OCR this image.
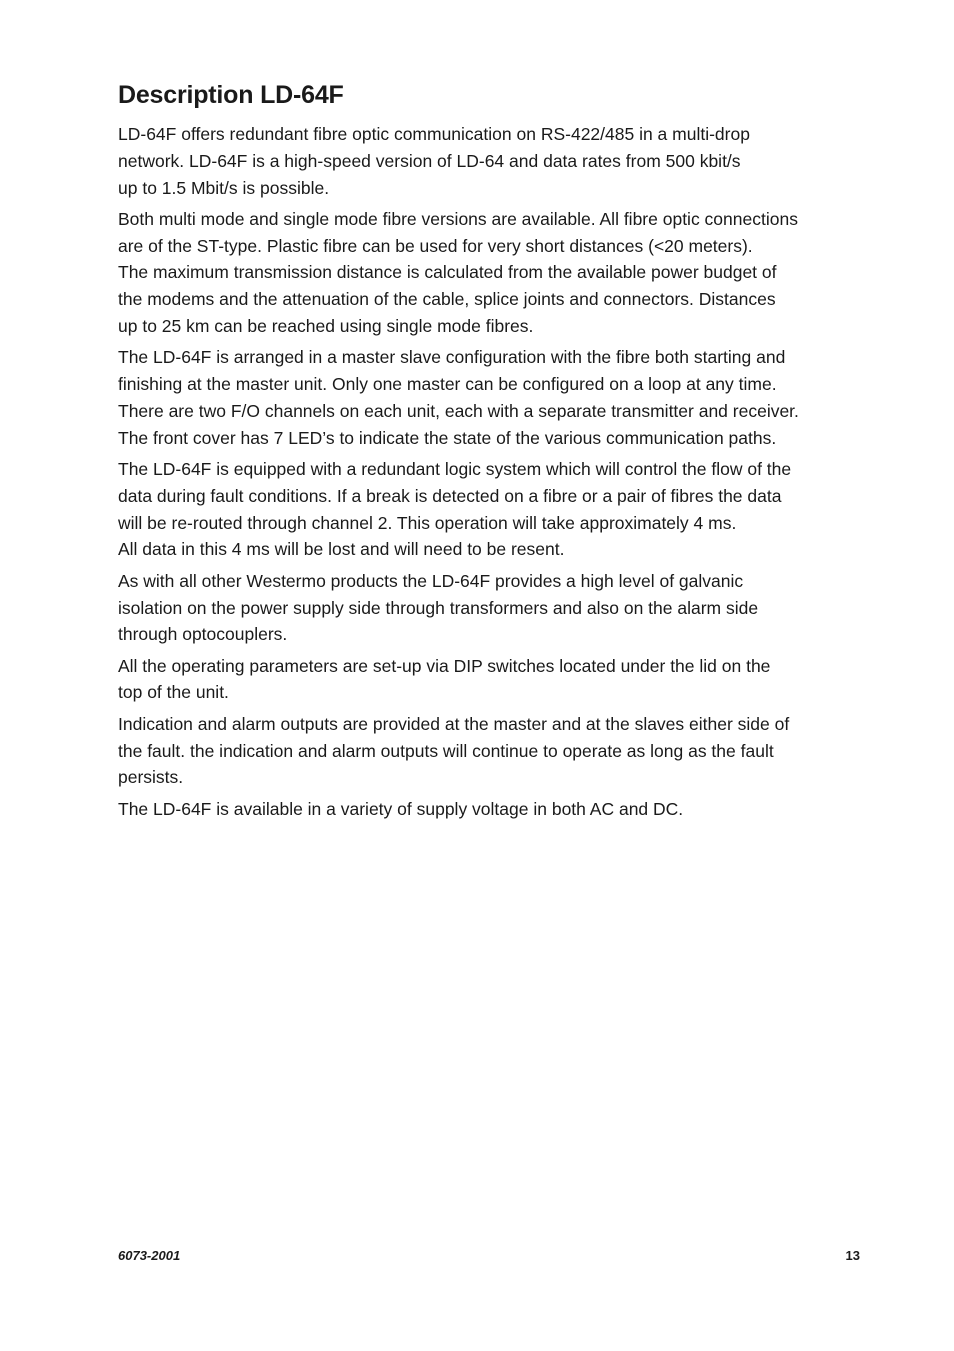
Description LD-64F

LD-64F offers redundant fibre optic communication on RS-422/485 in a multi-drop
network. LD-64F is a high-speed version of LD-64 and data rates from 500 kbit/s
up to 1.5 Mbit/s is possible.

Both multi mode and single mode fibre versions are available. All fibre optic connections
are of the ST-type. Plastic fibre can be used for very short distances (<20 meters).
The maximum transmission distance is calculated from the available power budget of
the modems and the attenuation of the cable, splice joints and connectors. Distances
up to 25 km can be reached using single mode fibres.

The LD-64F is arranged in a master slave configuration with the fibre both starting and
finishing at the master unit. Only one master can be configured on a loop at any time.
There are two F/O channels on each unit, each with a separate transmitter and receiver.
The front cover has 7 LED’s to indicate the state of the various communication paths.

The LD-64F is equipped with a redundant logic system which will control the flow of the
data during fault conditions. If a break is detected on a fibre or a pair of fibres the data
will be re-routed through channel 2. This operation will take approximately 4 ms.
All data in this 4 ms will be lost and will need to be resent.

As with all other Westermo products the LD-64F provides a high level of galvanic
isolation on the power supply side through transformers and also on the alarm side
through optocouplers.

All the operating parameters are set-up via DIP switches located under the lid on the
top of the unit.

Indication and alarm outputs are provided at the master and at the slaves either side of
the fault. the indication and alarm outputs will continue to operate as long as the fault
persists.

The LD-64F is available in a variety of supply voltage in both AC and DC.

6073-2001	13
